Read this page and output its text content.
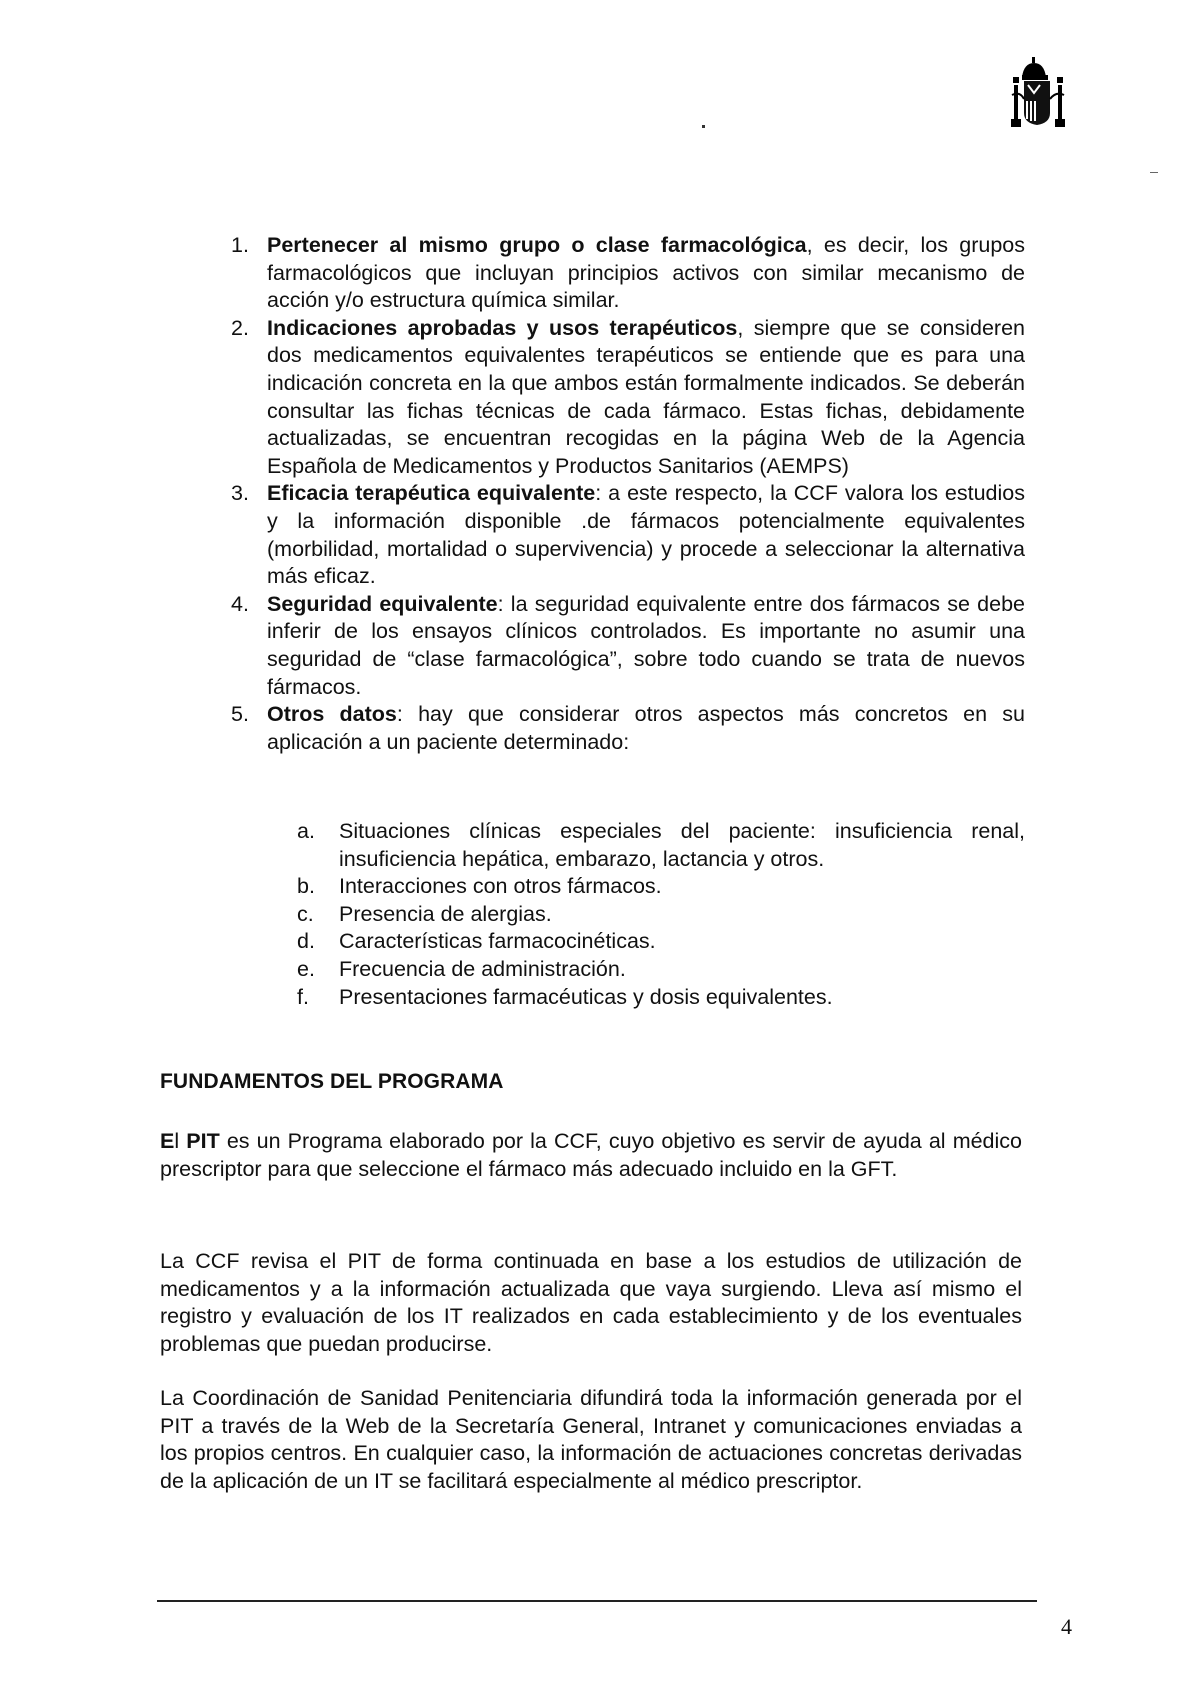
1. Pertenecer al mismo grupo o clase farmacológica, es decir, los grupos farmacológicos que incluyan principios activos con similar mecanismo de acción y/o estructura química similar.
2. Indicaciones aprobadas y usos terapéuticos, siempre que se consideren dos medicamentos equivalentes terapéuticos se entiende que es para una indicación concreta en la que ambos están formalmente indicados. Se deberán consultar las fichas técnicas de cada fármaco. Estas fichas, debidamente actualizadas, se encuentran recogidas en la página Web de la Agencia Española de Medicamentos y Productos Sanitarios (AEMPS)
3. Eficacia terapéutica equivalente: a este respecto, la CCF valora los estudios y la información disponible .de fármacos potencialmente equivalentes (morbilidad, mortalidad o supervivencia) y procede a seleccionar la alternativa más eficaz.
4. Seguridad equivalente: la seguridad equivalente entre dos fármacos se debe inferir de los ensayos clínicos controlados. Es importante no asumir una seguridad de “clase farmacológica”, sobre todo cuando se trata de nuevos fármacos.
5. Otros datos: hay que considerar otros aspectos más concretos en su aplicación a un paciente determinado:
a. Situaciones clínicas especiales del paciente: insuficiencia renal, insuficiencia hepática, embarazo, lactancia y otros.
b. Interacciones con otros fármacos.
c. Presencia de alergias.
d. Características farmacocinéticas.
e. Frecuencia de administración.
f. Presentaciones farmacéuticas y dosis equivalentes.
FUNDAMENTOS DEL PROGRAMA

El PIT es un Programa elaborado por la CCF, cuyo objetivo es servir de ayuda al médico prescriptor para que seleccione el fármaco más adecuado incluido en la GFT.

La CCF revisa el PIT de forma continuada en base a los estudios de utilización de medicamentos y a la información actualizada que vaya surgiendo. Lleva así mismo el registro y evaluación de los IT realizados en cada establecimiento y de los eventuales problemas que puedan producirse.

La Coordinación de Sanidad Penitenciaria difundirá toda la información generada por el PIT a través de la Web de la Secretaría General, Intranet y comunicaciones enviadas a los propios centros. En cualquier caso, la información de actuaciones concretas derivadas de la aplicación de un IT se facilitará especialmente al médico prescriptor.

4
